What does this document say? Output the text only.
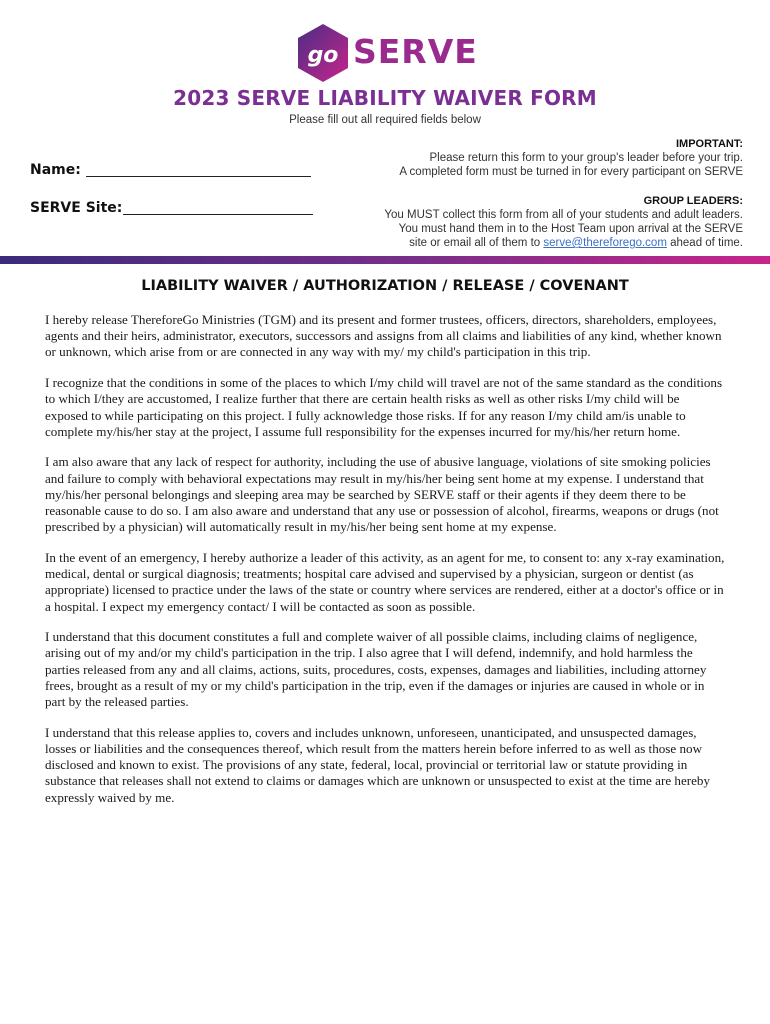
go SERVE
2023 SERVE LIABILITY WAIVER FORM
Please fill out all required fields below
Name:
SERVE Site:
IMPORTANT:
Please return this form to your group's leader before your trip.
A completed form must be turned in for every participant on SERVE
GROUP LEADERS:
You MUST collect this form from all of your students and adult leaders.
You must hand them in to the Host Team upon arrival at the SERVE
site or email all of them to serve@thereforego.com ahead of time.
LIABILITY WAIVER / AUTHORIZATION / RELEASE / COVENANT

I hereby release ThereforeGo Ministries (TGM) and its present and former trustees, officers, directors, shareholders, employees, agents and their heirs, administrator, executors, successors and assigns from all claims and liabilities of any kind, whether known or unknown, which arise from or are connected in any way with my/ my child's participation in this trip.

I recognize that the conditions in some of the places to which I/my child will travel are not of the same standard as the conditions to which I/they are accustomed, I realize further that there are certain health risks as well as other risks I/my child will be exposed to while participating on this project. I fully acknowledge those risks. If for any reason I/my child am/is unable to complete my/his/her stay at the project, I assume full responsibility for the expenses incurred for my/his/her return home.

I am also aware that any lack of respect for authority, including the use of abusive language, violations of site smoking policies and failure to comply with behavioral expectations may result in my/his/her being sent home at my expense. I understand that my/his/her personal belongings and sleeping area may be searched by SERVE staff or their agents if they deem there to be reasonable cause to do so. I am also aware and understand that any use or possession of alcohol, firearms, weapons or drugs (not prescribed by a physician) will automatically result in my/his/her being sent home at my expense.

In the event of an emergency, I hereby authorize a leader of this activity, as an agent for me, to consent to: any x-ray examination, medical, dental or surgical diagnosis; treatments; hospital care advised and supervised by a physician, surgeon or dentist (as appropriate) licensed to practice under the laws of the state or country where services are rendered, either at a doctor's office or in a hospital. I expect my emergency contact/ I will be contacted as soon as possible.

I understand that this document constitutes a full and complete waiver of all possible claims, including claims of negligence, arising out of my and/or my child's participation in the trip. I also agree that I will defend, indemnify, and hold harmless the parties released from any and all claims, actions, suits, procedures, costs, expenses, damages and liabilities, including attorney frees, brought as a result of my or my child's participation in the trip, even if the damages or injuries are caused in whole or in part by the released parties.

I understand that this release applies to, covers and includes unknown, unforeseen, unanticipated, and unsuspected damages, losses or liabilities and the consequences thereof, which result from the matters herein before inferred to as well as those now disclosed and known to exist. The provisions of any state, federal, local, provincial or territorial law or statute providing in substance that releases shall not extend to claims or damages which are unknown or unsuspected to exist at the time are hereby expressly waived by me.
